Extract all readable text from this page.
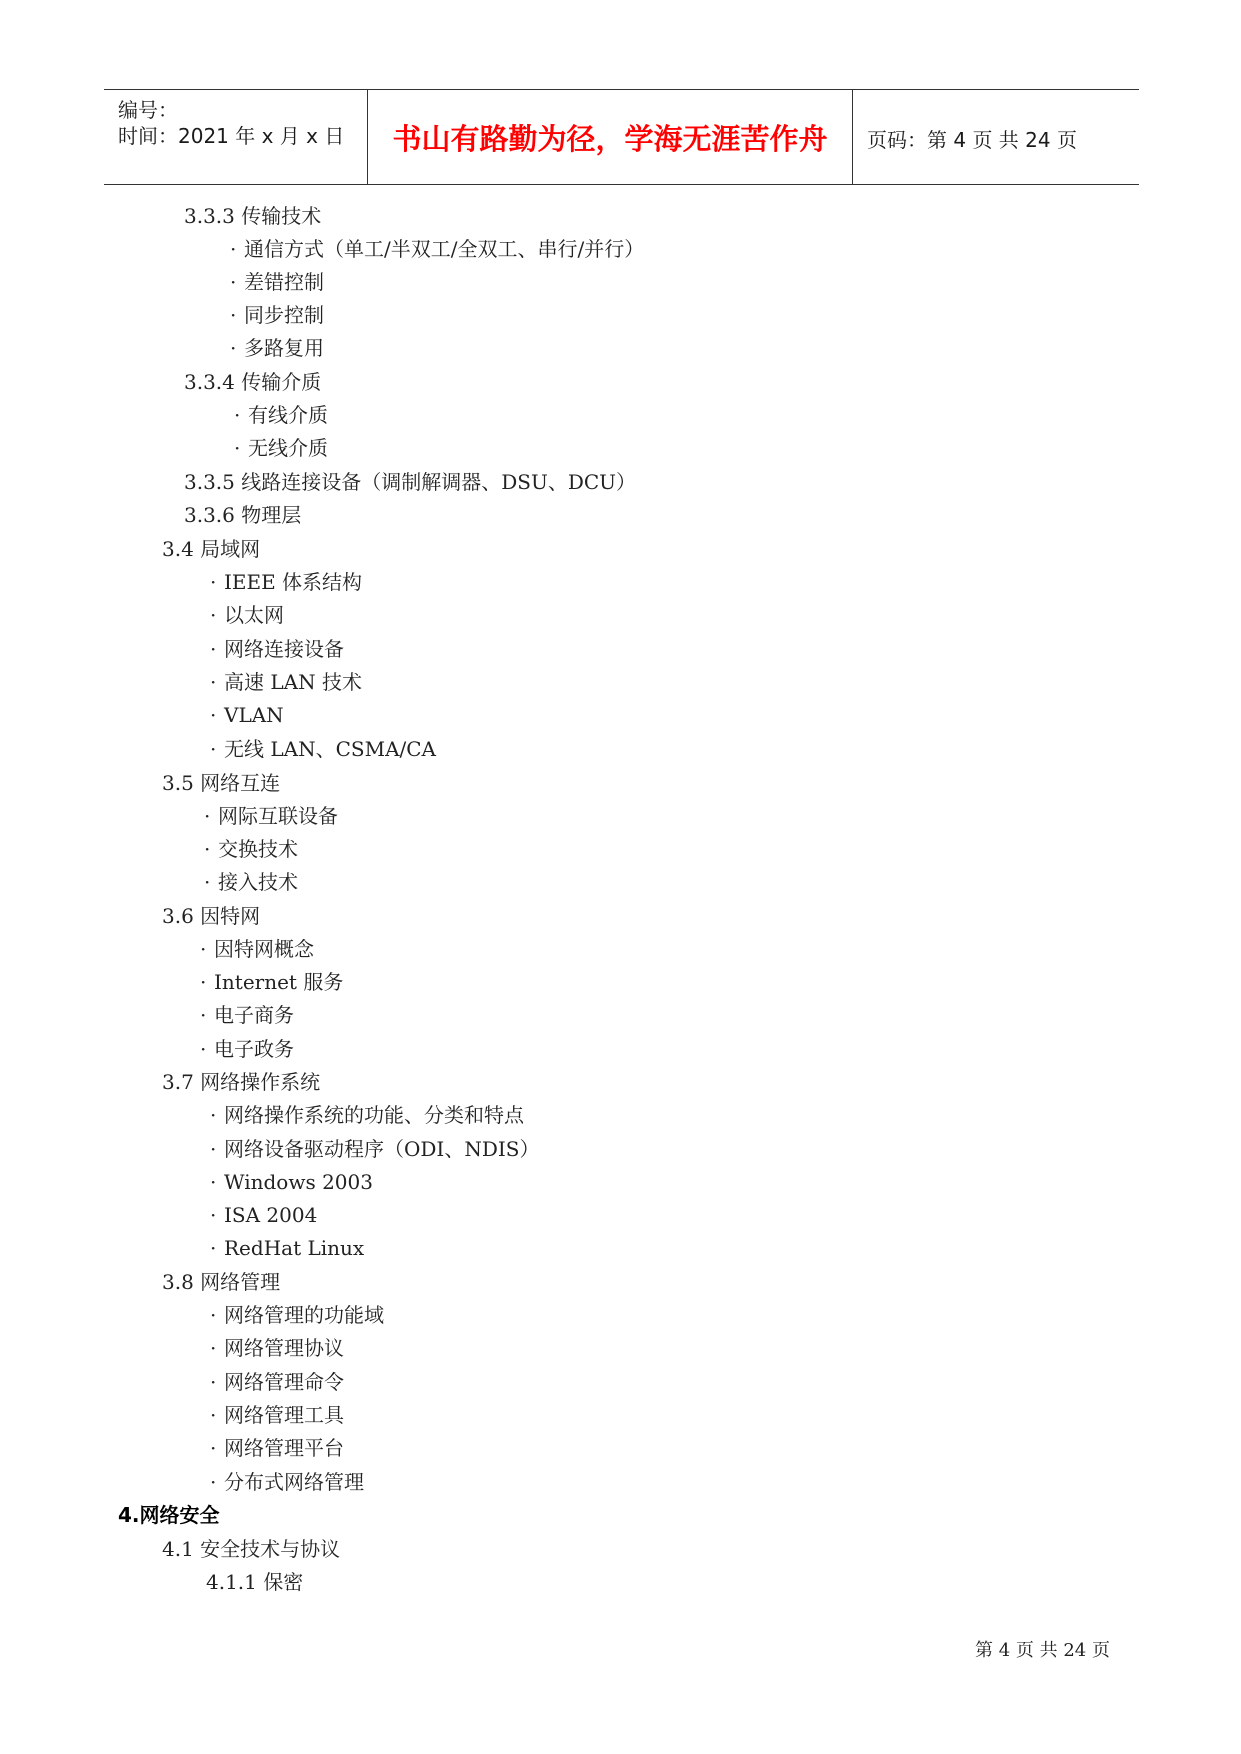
编号：
时间：2021 年 x 月 x 日	书山有路勤为径，学海无涯苦作舟	页码：第 4 页 共 24 页
3.3.3 传输技术
· 通信方式（单工/半双工/全双工、串行/并行）
· 差错控制
· 同步控制
· 多路复用
3.3.4 传输介质
· 有线介质
· 无线介质
3.3.5 线路连接设备（调制解调器、DSU、DCU）
3.3.6 物理层
3.4 局域网
· IEEE 体系结构
· 以太网
· 网络连接设备
· 高速 LAN 技术
· VLAN
· 无线 LAN、CSMA/CA
3.5 网络互连
· 网际互联设备
· 交换技术
· 接入技术
3.6 因特网
· 因特网概念
· Internet 服务
· 电子商务
· 电子政务
3.7 网络操作系统
· 网络操作系统的功能、分类和特点
· 网络设备驱动程序（ODI、NDIS）
· Windows 2003
· ISA 2004
· RedHat Linux
3.8 网络管理
· 网络管理的功能域
· 网络管理协议
· 网络管理命令
· 网络管理工具
· 网络管理平台
· 分布式网络管理
4.网络安全
4.1 安全技术与协议
4.1.1 保密
第 4 页 共 24 页
